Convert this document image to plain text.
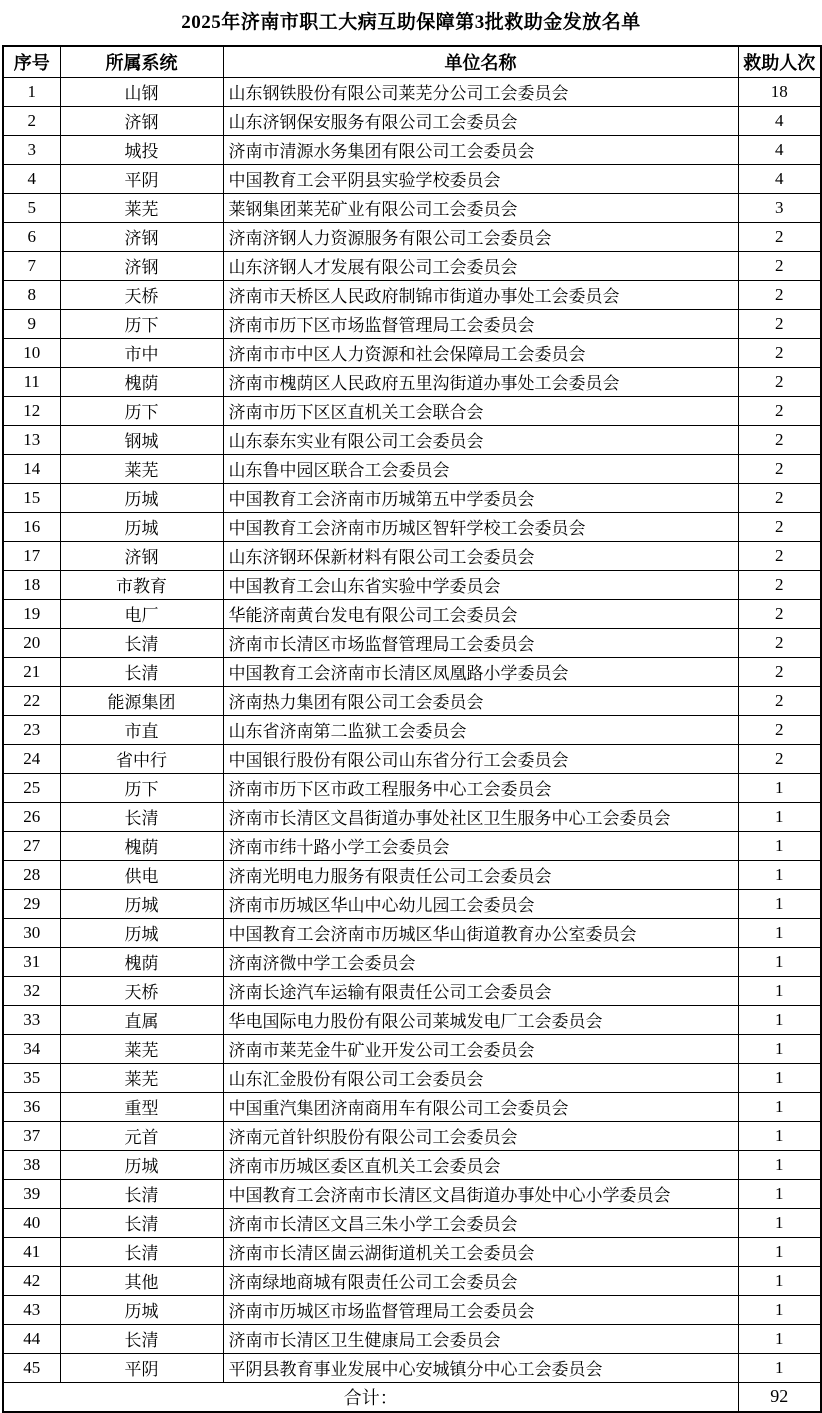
2025年济南市职工大病互助保障第3批救助金发放名单
序号	所属系统	单位名称	救助人次
1	山钢	山东钢铁股份有限公司莱芜分公司工会委员会	18
2	济钢	山东济钢保安服务有限公司工会委员会	4
3	城投	济南市清源水务集团有限公司工会委员会	4
4	平阴	中国教育工会平阴县实验学校委员会	4
5	莱芜	莱钢集团莱芜矿业有限公司工会委员会	3
6	济钢	济南济钢人力资源服务有限公司工会委员会	2
7	济钢	山东济钢人才发展有限公司工会委员会	2
8	天桥	济南市天桥区人民政府制锦市街道办事处工会委员会	2
9	历下	济南市历下区市场监督管理局工会委员会	2
10	市中	济南市市中区人力资源和社会保障局工会委员会	2
11	槐荫	济南市槐荫区人民政府五里沟街道办事处工会委员会	2
12	历下	济南市历下区区直机关工会联合会	2
13	钢城	山东泰东实业有限公司工会委员会	2
14	莱芜	山东鲁中园区联合工会委员会	2
15	历城	中国教育工会济南市历城第五中学委员会	2
16	历城	中国教育工会济南市历城区智轩学校工会委员会	2
17	济钢	山东济钢环保新材料有限公司工会委员会	2
18	市教育	中国教育工会山东省实验中学委员会	2
19	电厂	华能济南黄台发电有限公司工会委员会	2
20	长清	济南市长清区市场监督管理局工会委员会	2
21	长清	中国教育工会济南市长清区凤凰路小学委员会	2
22	能源集团	济南热力集团有限公司工会委员会	2
23	市直	山东省济南第二监狱工会委员会	2
24	省中行	中国银行股份有限公司山东省分行工会委员会	2
25	历下	济南市历下区市政工程服务中心工会委员会	1
26	长清	济南市长清区文昌街道办事处社区卫生服务中心工会委员会	1
27	槐荫	济南市纬十路小学工会委员会	1
28	供电	济南光明电力服务有限责任公司工会委员会	1
29	历城	济南市历城区华山中心幼儿园工会委员会	1
30	历城	中国教育工会济南市历城区华山街道教育办公室委员会	1
31	槐荫	济南济微中学工会委员会	1
32	天桥	济南长途汽车运输有限责任公司工会委员会	1
33	直属	华电国际电力股份有限公司莱城发电厂工会委员会	1
34	莱芜	济南市莱芜金牛矿业开发公司工会委员会	1
35	莱芜	山东汇金股份有限公司工会委员会	1
36	重型	中国重汽集团济南商用车有限公司工会委员会	1
37	元首	济南元首针织股份有限公司工会委员会	1
38	历城	济南市历城区委区直机关工会委员会	1
39	长清	中国教育工会济南市长清区文昌街道办事处中心小学委员会	1
40	长清	济南市长清区文昌三朱小学工会委员会	1
41	长清	济南市长清区崮云湖街道机关工会委员会	1
42	其他	济南绿地商城有限责任公司工会委员会	1
43	历城	济南市历城区市场监督管理局工会委员会	1
44	长清	济南市长清区卫生健康局工会委员会	1
45	平阴	平阴县教育事业发展中心安城镇分中心工会委员会	1
合计：			92
